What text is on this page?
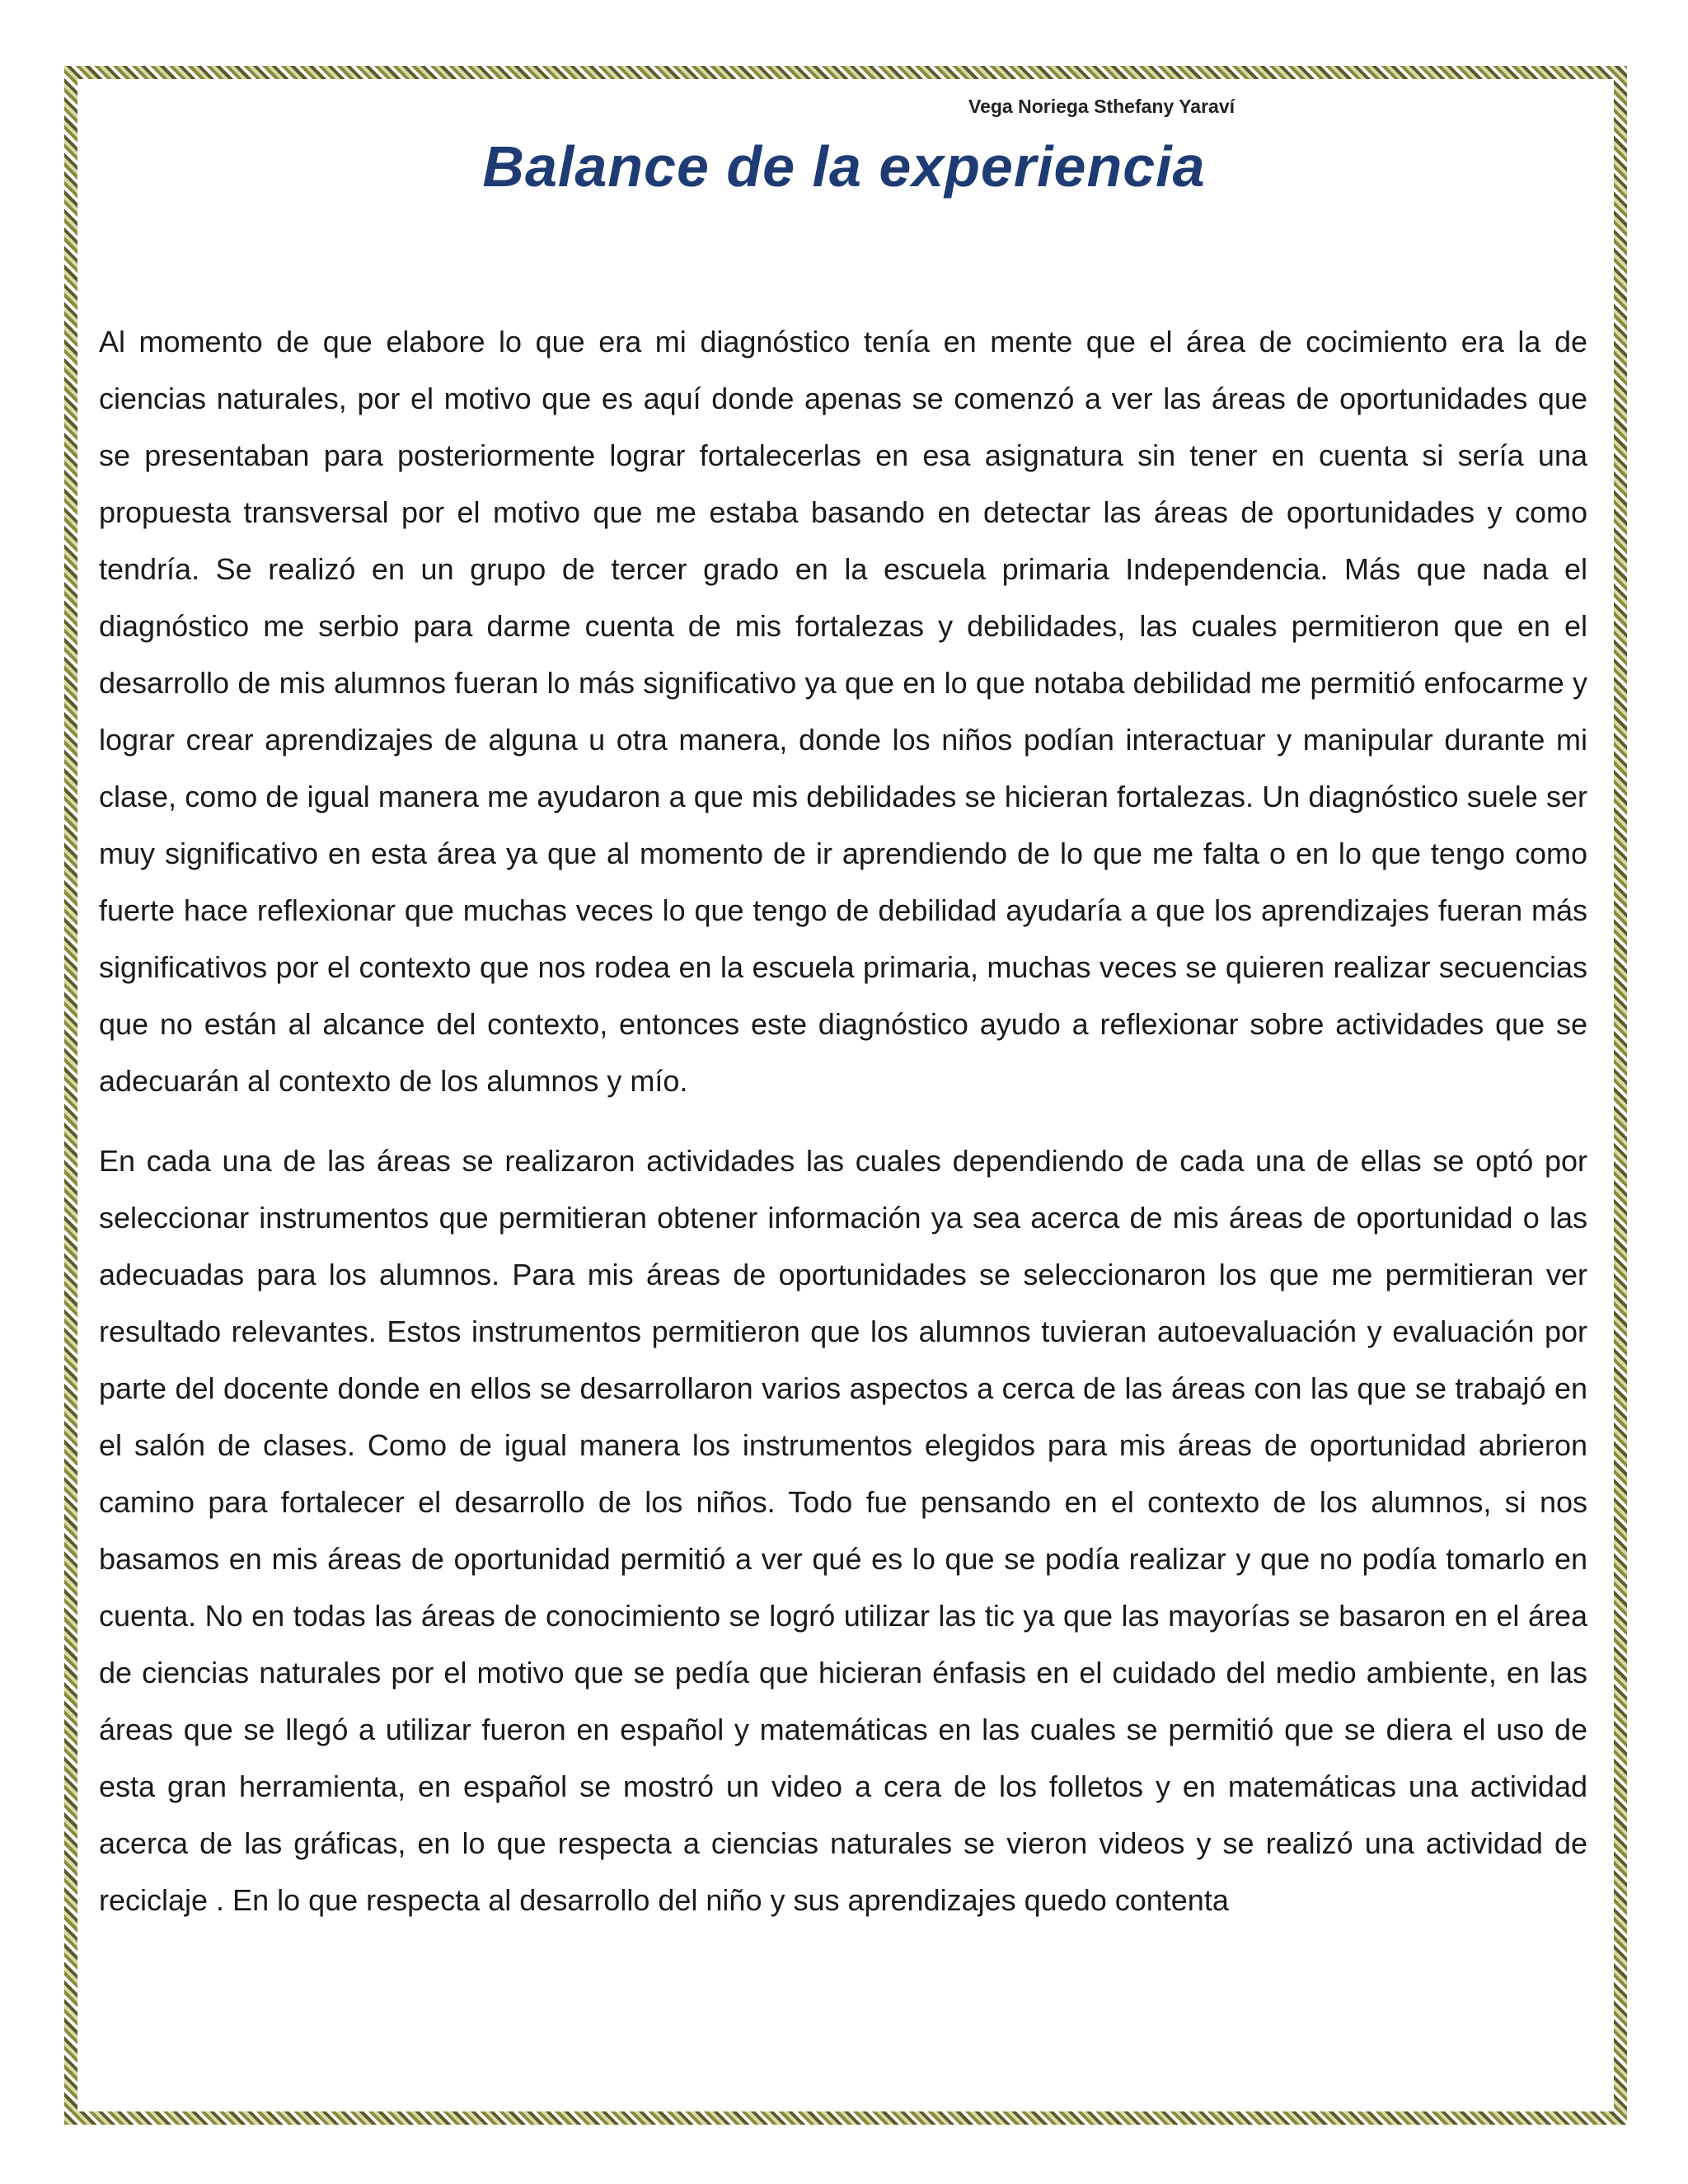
Vega Noriega Sthefany Yaraví
Balance de la experiencia

Al momento de que elabore lo que era mi diagnóstico tenía en mente que el área de cocimiento era la de ciencias naturales, por el motivo que es aquí donde apenas se comenzó a ver las áreas de oportunidades que se presentaban para posteriormente lograr fortalecerlas en esa asignatura sin tener en cuenta si sería una propuesta transversal por el motivo que me estaba basando en detectar las áreas de oportunidades y como tendría. Se realizó en un grupo de tercer grado en la escuela primaria Independencia. Más que nada el diagnóstico me serbio para darme cuenta de mis fortalezas y debilidades, las cuales permitieron que en el desarrollo de mis alumnos fueran lo más significativo ya que en lo que notaba debilidad me permitió enfocarme y lograr crear aprendizajes de alguna u otra manera, donde los niños podían interactuar y manipular durante mi clase, como de igual manera me ayudaron a que mis debilidades se hicieran fortalezas. Un diagnóstico suele ser muy significativo en esta área ya que al momento de ir aprendiendo de lo que me falta o en lo que tengo como fuerte hace reflexionar que muchas veces lo que tengo de debilidad ayudaría a que los aprendizajes fueran más significativos por el contexto que nos rodea en la escuela primaria, muchas veces se quieren realizar secuencias que no están al alcance del contexto, entonces este diagnóstico ayudo a reflexionar sobre actividades que se adecuarán al contexto de los alumnos y mío.

En cada una de las áreas se realizaron actividades las cuales dependiendo de cada una de ellas se optó por seleccionar instrumentos que permitieran obtener información ya sea acerca de mis áreas de oportunidad o las adecuadas para los alumnos. Para mis áreas de oportunidades se seleccionaron los que me permitieran ver resultado relevantes. Estos instrumentos permitieron que los alumnos tuvieran autoevaluación y evaluación por parte del docente donde en ellos se desarrollaron varios aspectos a cerca de las áreas con las que se trabajó en el salón de clases. Como de igual manera los instrumentos elegidos para mis áreas de oportunidad abrieron camino para fortalecer el desarrollo de los niños. Todo fue pensando en el contexto de los alumnos, si nos basamos en mis áreas de oportunidad permitió a ver qué es lo que se podía realizar y que no podía tomarlo en cuenta. No en todas las áreas de conocimiento se logró utilizar las tic ya que las mayorías se basaron en el área de ciencias naturales por el motivo que se pedía que hicieran énfasis en el cuidado del medio ambiente, en las áreas que se llegó a utilizar fueron en español y matemáticas en las cuales se permitió que se diera el uso de esta gran herramienta, en español se mostró un video a cera de los folletos y en matemáticas una actividad acerca de las gráficas, en lo que respecta a ciencias naturales se vieron videos y se realizó una actividad de reciclaje . En lo que respecta al desarrollo del niño y sus aprendizajes quedo contenta
